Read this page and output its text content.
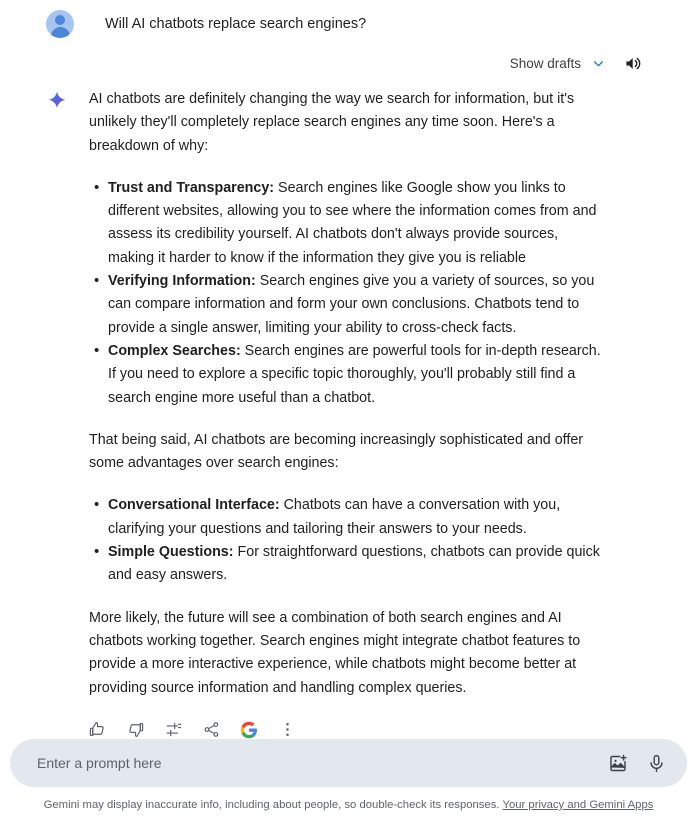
Will AI chatbots replace search engines?
Show drafts

AI chatbots are definitely changing the way we search for information, but it's unlikely they'll completely replace search engines any time soon. Here's a breakdown of why:

• Trust and Transparency: Search engines like Google show you links to different websites, allowing you to see where the information comes from and assess its credibility yourself. AI chatbots don't always provide sources, making it harder to know if the information they give you is reliable
• Verifying Information: Search engines give you a variety of sources, so you can compare information and form your own conclusions. Chatbots tend to provide a single answer, limiting your ability to cross-check facts.
• Complex Searches: Search engines are powerful tools for in-depth research. If you need to explore a specific topic thoroughly, you'll probably still find a search engine more useful than a chatbot.

That being said, AI chatbots are becoming increasingly sophisticated and offer some advantages over search engines:

• Conversational Interface: Chatbots can have a conversation with you, clarifying your questions and tailoring their answers to your needs.
• Simple Questions: For straightforward questions, chatbots can provide quick and easy answers.

More likely, the future will see a combination of both search engines and AI chatbots working together. Search engines might integrate chatbot features to provide a more interactive experience, while chatbots might become better at providing source information and handling complex queries.

Enter a prompt here
Gemini may display inaccurate info, including about people, so double-check its responses. Your privacy and Gemini Apps
